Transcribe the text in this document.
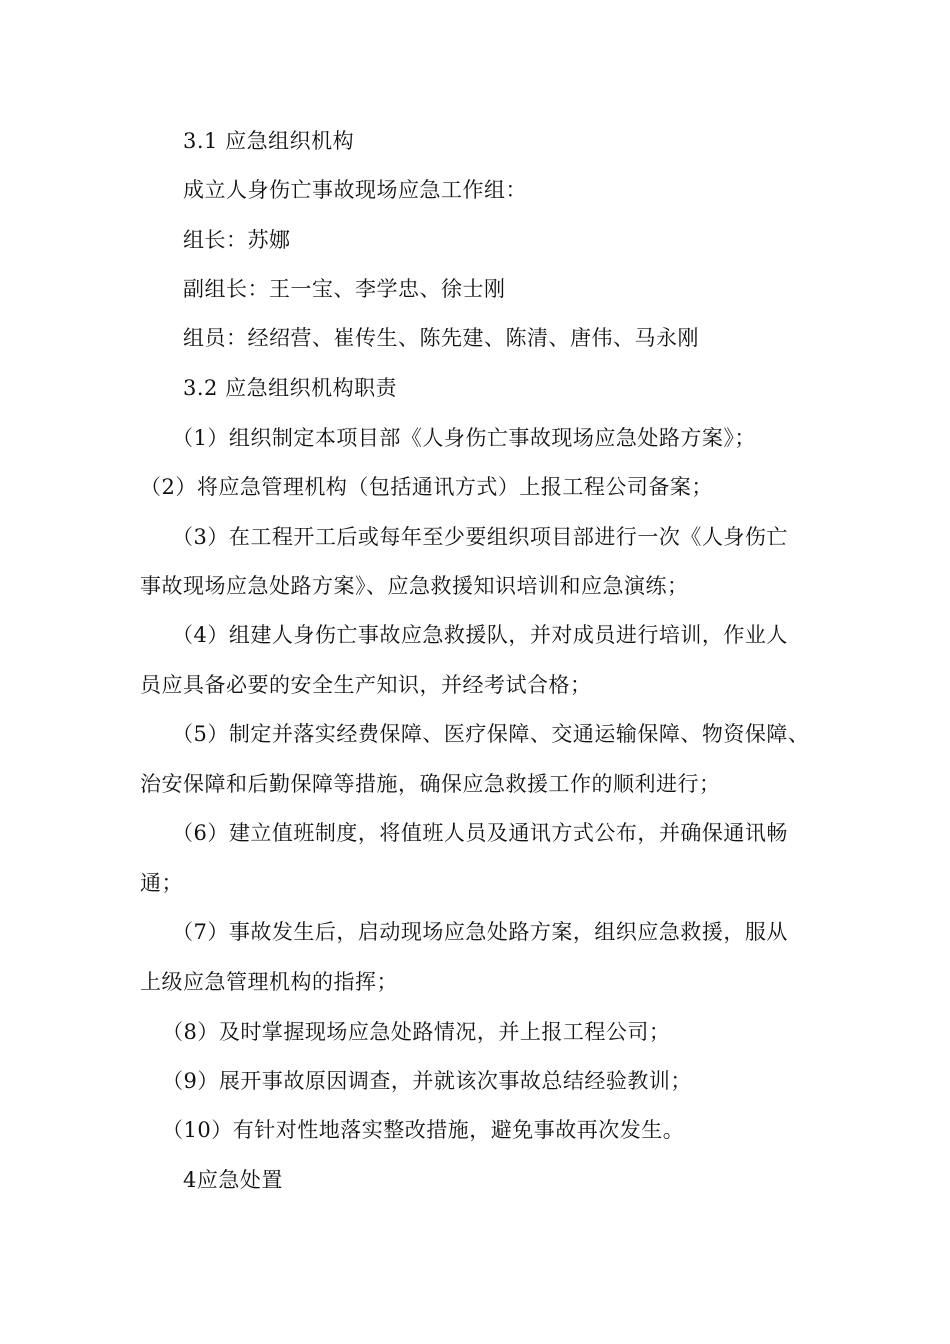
3.1 应急组织机构
成立人身伤亡事故现场应急工作组：
组长：苏娜
副组长：王一宝、李学忠、徐士刚
组员：经绍营、崔传生、陈先建、陈清、唐伟、马永刚
3.2 应急组织机构职责
（1）组织制定本项目部《人身伤亡事故现场应急处路方案》；
（2）将应急管理机构（包括通讯方式）上报工程公司备案；
（3）在工程开工后或每年至少要组织项目部进行一次《人身伤亡
事故现场应急处路方案》、应急救援知识培训和应急演练；
（4）组建人身伤亡事故应急救援队，并对成员进行培训，作业人
员应具备必要的安全生产知识，并经考试合格；
（5）制定并落实经费保障、医疗保障、交通运输保障、物资保障、
治安保障和后勤保障等措施，确保应急救援工作的顺利进行；
（6）建立值班制度，将值班人员及通讯方式公布，并确保通讯畅
通；
（7）事故发生后，启动现场应急处路方案，组织应急救援，服从
上级应急管理机构的指挥；
（8）及时掌握现场应急处路情况，并上报工程公司；
（9）展开事故原因调查，并就该次事故总结经验教训；
（10）有针对性地落实整改措施，避免事故再次发生。
4应急处置
